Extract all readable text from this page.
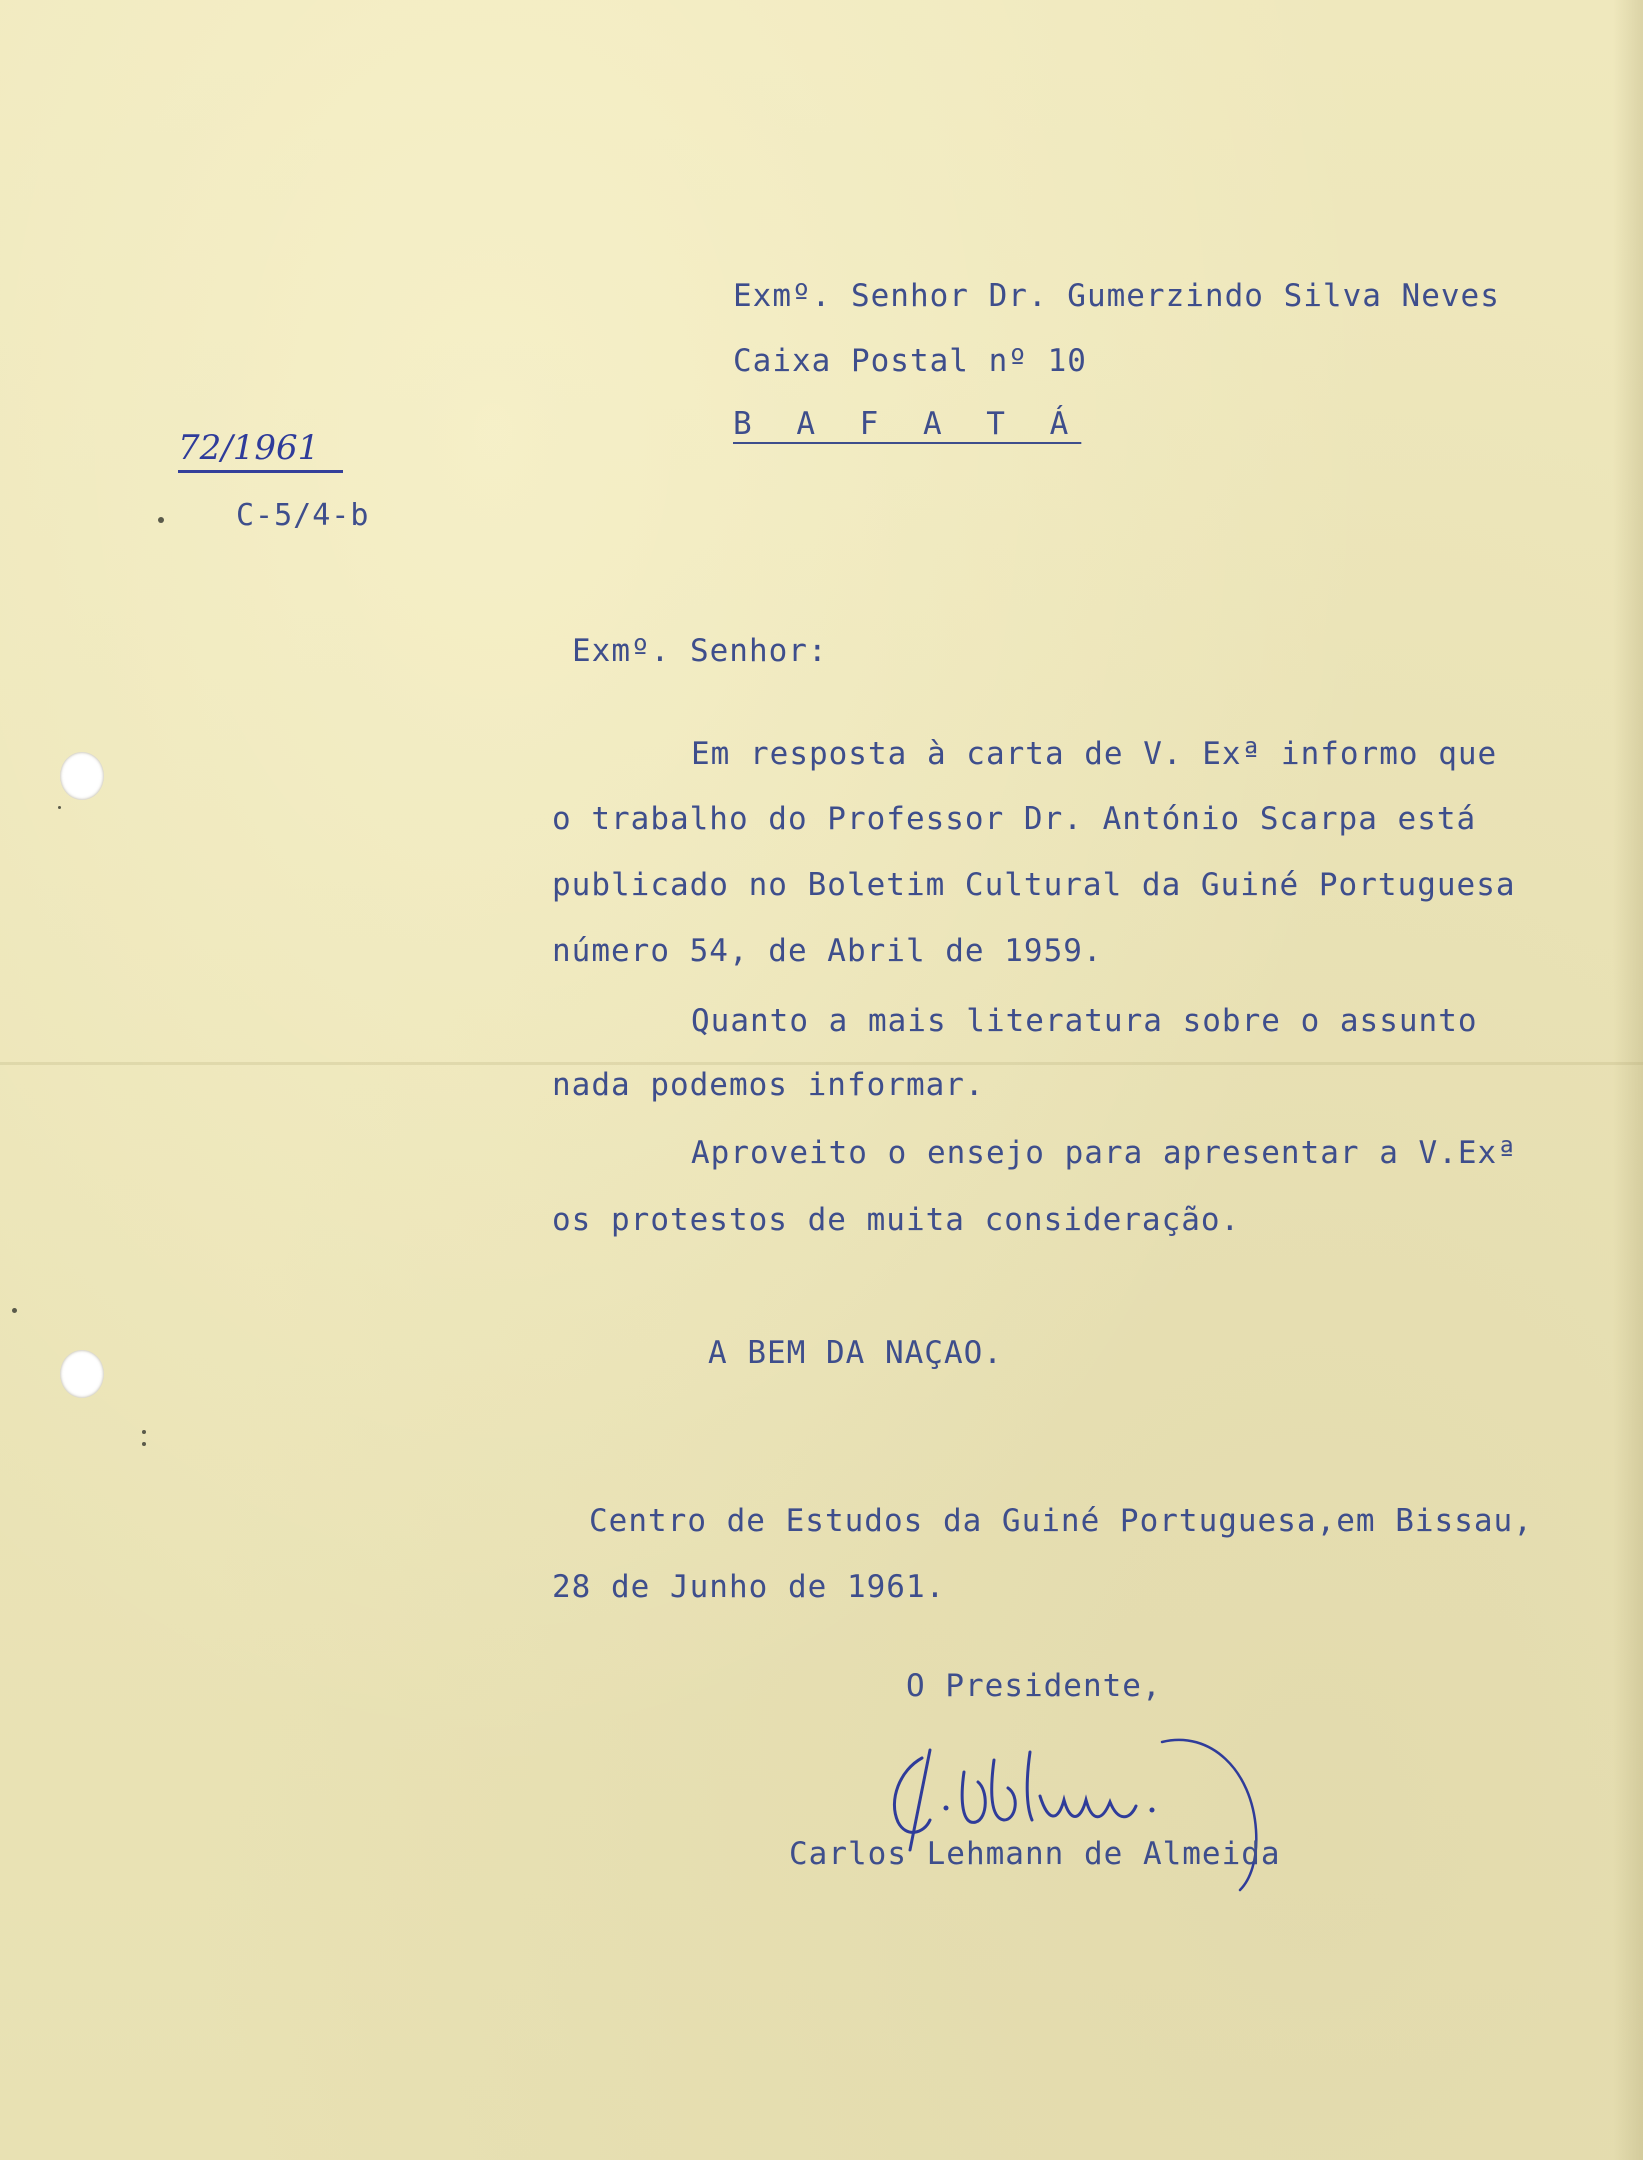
Exmº. Senhor Dr. Gumerzindo Silva Neves
Caixa Postal nº 10
B A F A T Á
72/1961
C-5/4-b
Exmº. Senhor:
Em resposta à carta de V. Exª informo que
o trabalho do Professor Dr. António Scarpa está
publicado no Boletim Cultural da Guiné Portuguesa
número 54, de Abril de 1959.
Quanto a mais literatura sobre o assunto
nada podemos informar.
Aproveito o ensejo para apresentar a V.Exª
os protestos de muita consideração.
A BEM DA NAÇAO.
Centro de Estudos da Guiné Portuguesa,em Bissau,
28 de Junho de 1961.
O Presidente,
Carlos Lehmann de Almeida
